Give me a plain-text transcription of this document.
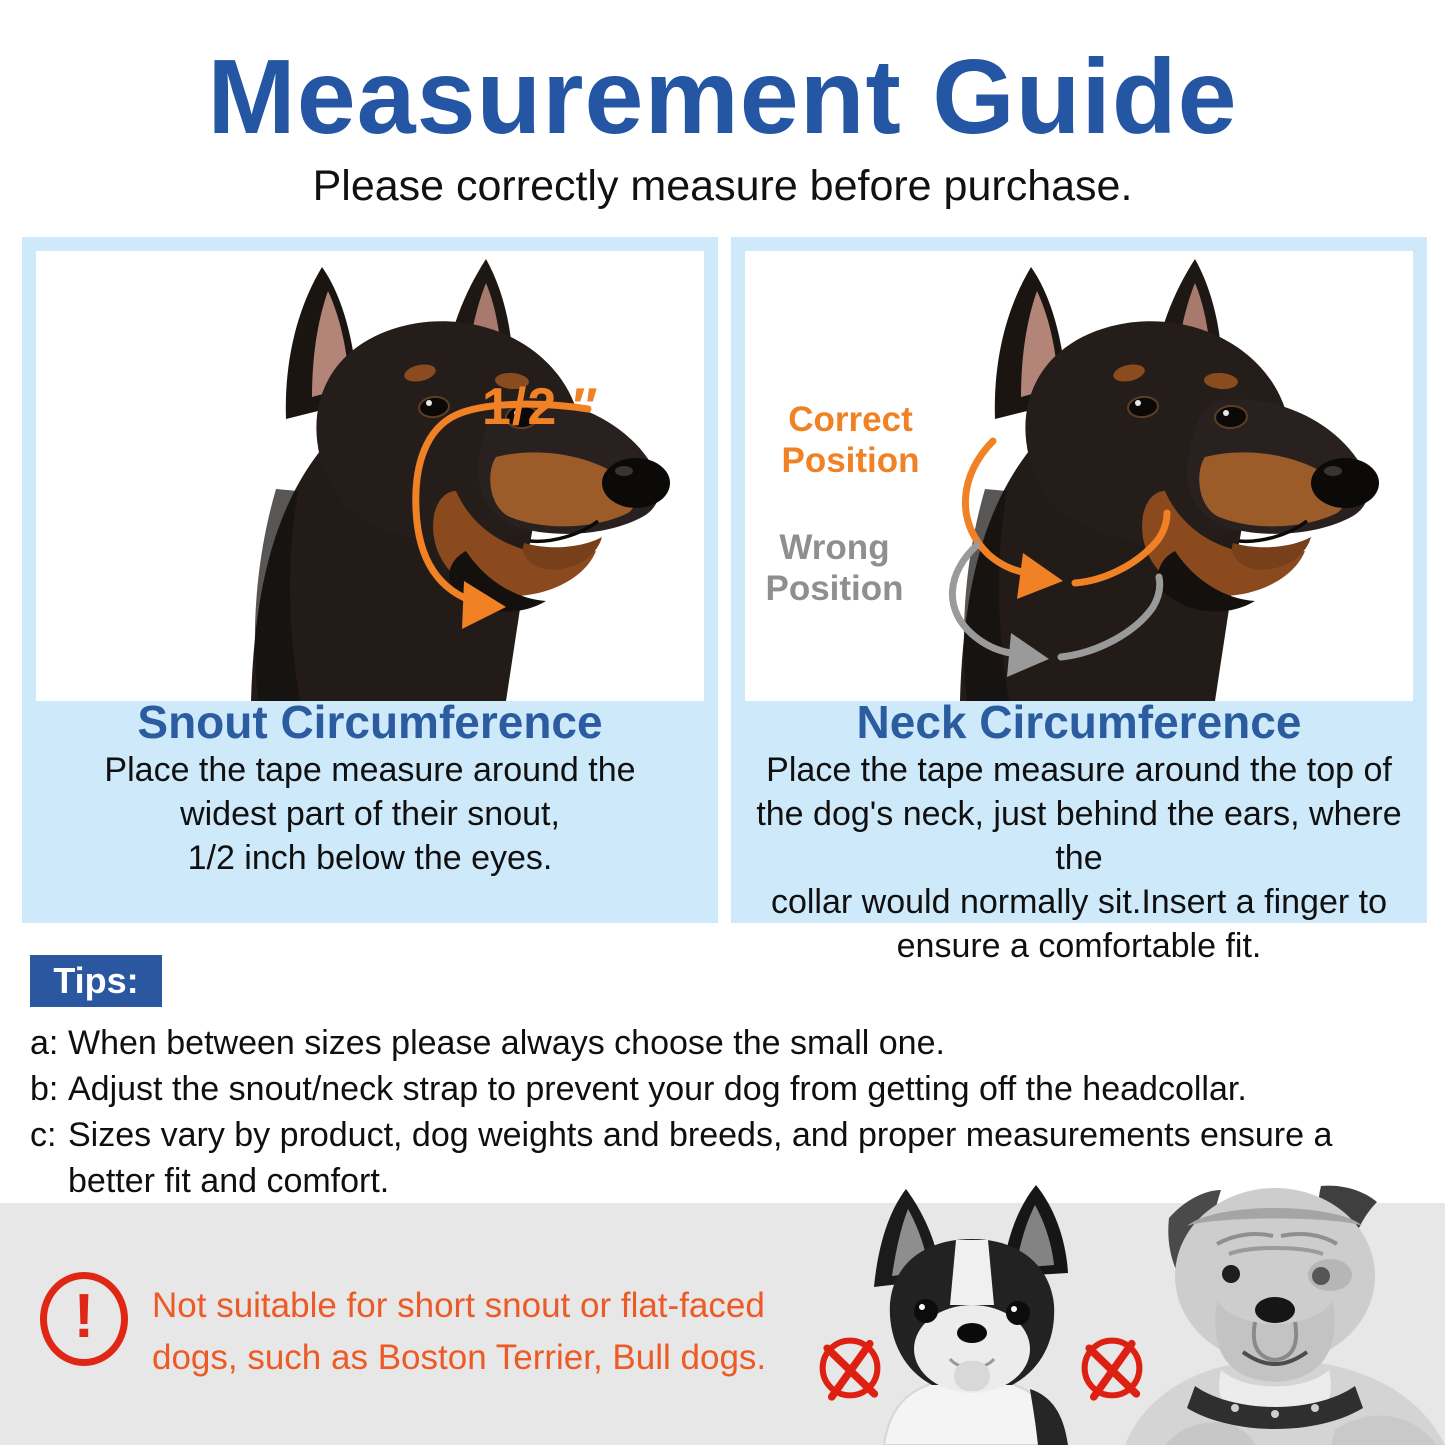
Measurement Guide

Please correctly measure before purchase.

1/2 ″
Snout Circumference
Place the tape measure around the
widest part of their snout,
1/2 inch below the eyes.
Correct
Position
Wrong
Position
Neck Circumference
Place the tape measure around the top of
the dog's neck, just behind the ears, where the
collar would normally sit.Insert a finger to
ensure a comfortable fit.
Tips:
a: When between sizes please always choose the small one.
b: Adjust the snout/neck strap to prevent your dog from getting off the headcollar.
c: Sizes vary by product, dog weights and breeds, and proper measurements ensure a better fit and comfort.
! Not suitable for short snout or flat-faced dogs, such as Boston Terrier, Bull dogs.
